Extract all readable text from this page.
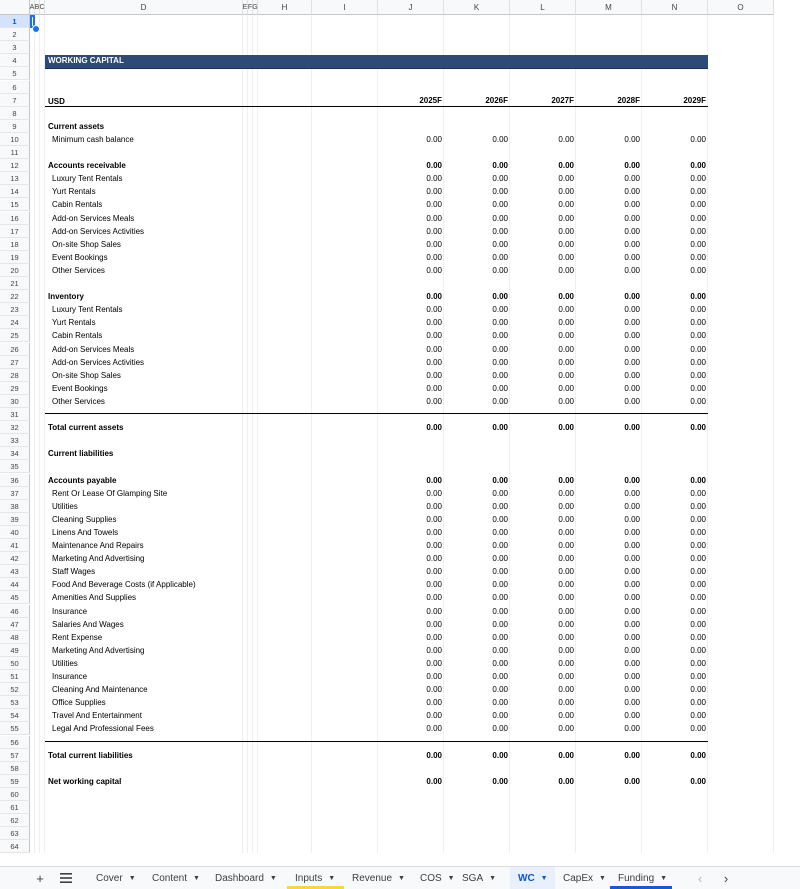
A B C	D	E F G	H	I	J	K	L	M	N	O
1
2
3
4
5
6
7
8
9
10
11
12
13
14
15
16
17
18
19
20
21
22
23
24
25
26
27
28
29
30
31
32
33
34
35
36
37
38
39
40
41
42
43
44
45
46
47
48
49
50
51
52
53
54
55
56
57
58
59
60
61
62
63
64
WORKING CAPITAL
USD	2025F	2026F	2027F	2028F	2029F
Current assets
Minimum cash balance	0.00	0.00	0.00	0.00	0.00
Accounts receivable	0.00	0.00	0.00	0.00	0.00
Luxury Tent Rentals	0.00	0.00	0.00	0.00	0.00
Yurt Rentals	0.00	0.00	0.00	0.00	0.00
Cabin Rentals	0.00	0.00	0.00	0.00	0.00
Add-on Services Meals	0.00	0.00	0.00	0.00	0.00
Add-on Services Activities	0.00	0.00	0.00	0.00	0.00
On-site Shop Sales	0.00	0.00	0.00	0.00	0.00
Event Bookings	0.00	0.00	0.00	0.00	0.00
Other Services	0.00	0.00	0.00	0.00	0.00
Inventory	0.00	0.00	0.00	0.00	0.00
Luxury Tent Rentals	0.00	0.00	0.00	0.00	0.00
Yurt Rentals	0.00	0.00	0.00	0.00	0.00
Cabin Rentals	0.00	0.00	0.00	0.00	0.00
Add-on Services Meals	0.00	0.00	0.00	0.00	0.00
Add-on Services Activities	0.00	0.00	0.00	0.00	0.00
On-site Shop Sales	0.00	0.00	0.00	0.00	0.00
Event Bookings	0.00	0.00	0.00	0.00	0.00
Other Services	0.00	0.00	0.00	0.00	0.00
Total current assets	0.00	0.00	0.00	0.00	0.00
Current liabilities
Accounts payable	0.00	0.00	0.00	0.00	0.00
Rent Or Lease Of Glamping Site	0.00	0.00	0.00	0.00	0.00
Utilities	0.00	0.00	0.00	0.00	0.00
Cleaning Supplies	0.00	0.00	0.00	0.00	0.00
Linens And Towels	0.00	0.00	0.00	0.00	0.00
Maintenance And Repairs	0.00	0.00	0.00	0.00	0.00
Marketing And Advertising	0.00	0.00	0.00	0.00	0.00
Staff Wages	0.00	0.00	0.00	0.00	0.00
Food And Beverage Costs (if Applicable)	0.00	0.00	0.00	0.00	0.00
Amenities And Supplies	0.00	0.00	0.00	0.00	0.00
Insurance	0.00	0.00	0.00	0.00	0.00
Salaries And Wages	0.00	0.00	0.00	0.00	0.00
Rent Expense	0.00	0.00	0.00	0.00	0.00
Marketing And Advertising	0.00	0.00	0.00	0.00	0.00
Utilities	0.00	0.00	0.00	0.00	0.00
Insurance	0.00	0.00	0.00	0.00	0.00
Cleaning And Maintenance	0.00	0.00	0.00	0.00	0.00
Office Supplies	0.00	0.00	0.00	0.00	0.00
Travel And Entertainment	0.00	0.00	0.00	0.00	0.00
Legal And Professional Fees	0.00	0.00	0.00	0.00	0.00
Total current liabilities	0.00	0.00	0.00	0.00	0.00
Net working capital	0.00	0.00	0.00	0.00	0.00
+	Cover ▼ Content ▼ Dashboard ▼ Inputs ▼ Revenue ▼ COS ▼ SGA ▼ WC ▼ CapEx ▼ Funding ▼ ‹ ›
